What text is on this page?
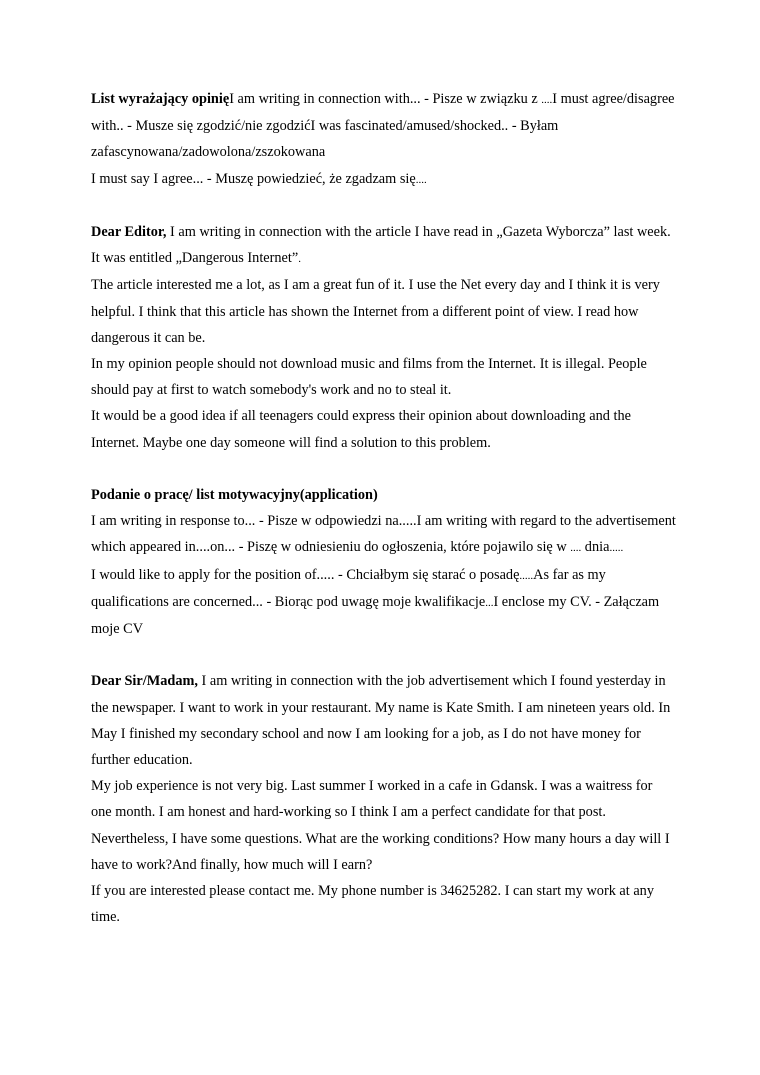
List wyrażający opinięI am writing in connection with... - Pisze w związku z ....I must agree/disagree with.. - Musze się zgodzić/nie zgodzićI was fascinated/amused/shocked.. - Byłam zafascynowana/zadowolona/zszokowana

I must say I agree... - Muszę powiedzieć, że zgadzam się....

Dear Editor, I am writing in connection with the article I have read in „Gazeta Wyborcza” last week. It was entitled „Dangerous Internet”.

The article interested me a lot, as I am a great fun of it. I use the Net every day and I think it is very helpful. I think that this article has shown the Internet from a different point of view. I read how dangerous it can be.

In my opinion people should not download music and films from the Internet. It is illegal. People should pay at first to watch somebody's work and no to steal it.

It would be a good idea if all teenagers could express their opinion about downloading and the Internet. Maybe one day someone will find a solution to this problem.

Podanie o pracę/ list motywacyjny(application)

I am writing in response to... - Pisze w odpowiedzi na.....I am writing with regard to the advertisement which appeared in....on... - Piszę w odniesieniu do ogłoszenia, które pojawilo się w .... dnia.....

I would like to apply for the position of..... - Chciałbym się starać o posadę.....As far as my qualifications are concerned... - Biorąc pod uwagę moje kwalifikacje...I enclose my CV. - Załączam moje CV

Dear Sir/Madam, I am writing in connection with the job advertisement which I found yesterday in the newspaper. I want to work in your restaurant. My name is Kate Smith. I am nineteen years old. In May I finished my secondary school and now I am looking for a job, as I do not have money for further education.

My job experience is not very big. Last summer I worked in a cafe in Gdansk. I was a waitress for one month. I am honest and hard-working so I think I am a perfect candidate for that post.

Nevertheless, I have some questions. What are the working conditions? How many hours a day will I have to work?And finally, how much will I earn?

If you are interested please contact me. My phone number is 34625282. I can start my work at any time.
